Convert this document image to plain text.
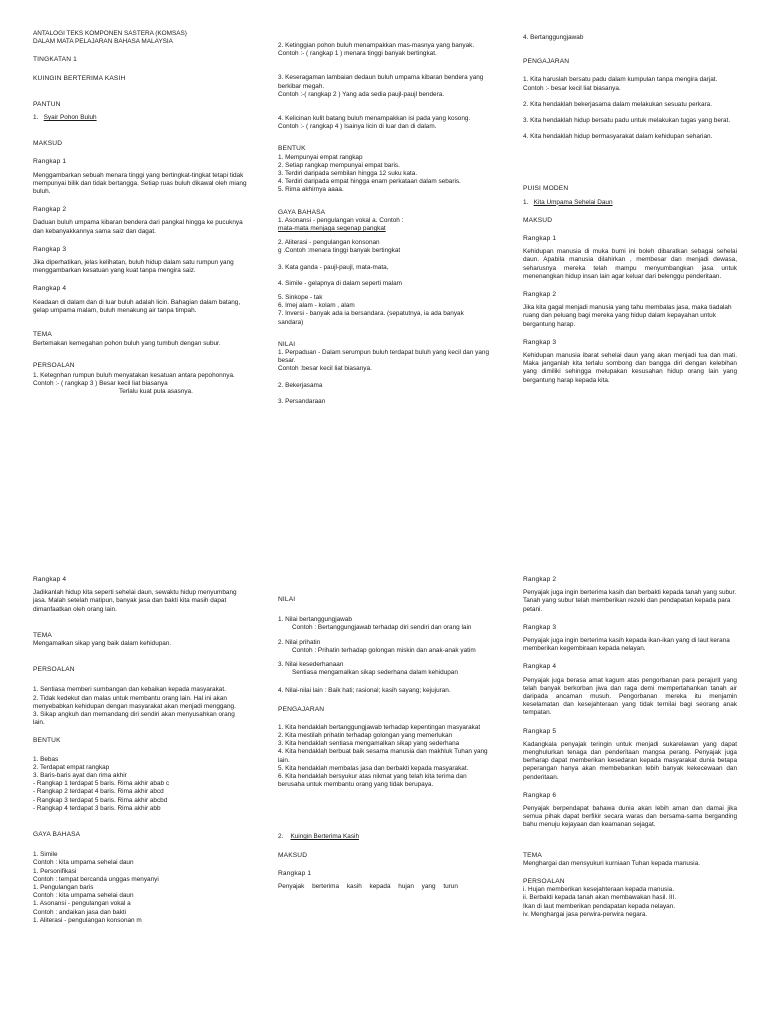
ANTALOGI TEKS KOMPONEN SASTERA (KOMSAS)
DALAM MATA PELAJARAN BAHASA MALAYSIA
TINGKATAN 1
KUINGIN BERTERIMA KASIH
PANTUN

1. Syair Pohon Buluh

MAKSUD
Rangkap 1

Menggambarkan sebuah menara tinggi yang bertingkat-tingkat tetapi tidak mempunyai bilik dan tidak bertangga. Setiap ruas buluh dikawal oleh miang buluh.

Rangkap 2

Daduan buluh umpama kibaran bendera dari pangkal hingga ke pucuknya dan kebanyakkannya sama saiz dan dagat.

Rangkap 3

Jika diperhatikan, jelas kelihatan, buluh hidup dalam satu rumpun yang menggambarkan kesatuan yang kuat tanpa mengira saiz.

Rangkap 4

Keadaan di dalam dan di luar buluh adalah licin. Bahagian dalam batang, gelap umpama malam, buluh menakung air tanpa timpah.

TEMA

Bertemakan kemegahan pohon buluh yang tumbuh dengan subur.

PERSOALAN
1. Ketegnhan rumpun buluh menyatakan kesatuan antara pepohonnya.
Contoh :- ( rangkap 3 ) Besar kecil liat biasanya
Terlalu kuat pula asasnya.
2. Ketinggian pohon buluh menampakkan mas-masnya yang banyak.

Contoh :- ( rangkap 1 ) menara tinggi banyak bertingkat.

3. Keseragaman lambaian dedaun buluh umpama kibaran bendera yang berkibar megah.

Contoh :-( rangkap 2 ) Yang ada sedia paujl-paujl bendera.

4. Kelicinan kulit batang buluh menampakkan isi pada yang kosong.

Contoh :- ( rangkap 4 ) Isainya licin di luar dan di dalam.

BENTUK
1. Mempunyai empat rangkap
2. Setiap rangkap mempunyai empat baris.
3. Terdiri daripada sembilan hingga 12 suku kata.
4. Terdiri daripada empat hingga enam perkataan dalam sebaris.
5. Rima akhirnya aaaa.
GAYA BAHASA
1. Asonansi - pengulangan vokal a. Contoh :

mata-mata menjaga segenap pangkat

2. Aliterasi - pengulangan konsonan

g .Contoh :menara tinggi banyak bertingkat

3. Kata ganda - paujl-paujl, mata-mata,

4. Simile - gelapnya di dalam seperti malam

5. Sinkope - tak
6. Imej alam - kolam , alam
7. Inversi - banyak ada ia bersandara. (sepatutnya, ia ada banyak sandara)
NILAI
1. Perpaduan - Dalam serumpun buluh terdapat buluh yang kecil dan yang besar.

Contoh :besar kecil liat biasanya.

2. Bekerjasama

3. Persandaraan

4. Bertanggungjawab
PENGAJARAN
1. Kita haruslah bersatu padu dalam kumpulan tanpa mengira darjat.

Contoh :- besar kecil liat biasanya.

2. Kita hendaklah bekerjasama dalam melakukan sesuatu perkara.

3. Kita hendaklah hidup bersatu padu untuk melakukan tugas yang berat.

4. Kita hendaklah hidup bermasyarakat dalam kehidupan seharian.

PUISI MODEN

1. Kita Umpama Sehelai Daun

MAKSUD
Rangkap 1

Kehidupan manusia di muka bumi ini boleh dibaratkan sebagai sehelai daun. Apabila manusia dilahirkan , membesar dan menjadi dewasa, seharusnya mereka telah mampu menyumbangkan jasa untuk menenangkan hidup insan lain agar keluar dari belenggu penderitaan.

Rangkap 2

Jika kita gagal menjadi manusia yang tahu membalas jasa, maka tiadalah ruang dan peluang bagi mereka yang hidup dalam kepayahan untuk bergantung harap.

Rangkap 3

Kehidupan manusia ibarat sehelai daun yang akan menjadi tua dan mati. Maka janganlah kita terlalu sombong dan bangga diri dengan kelebihan yang dimiliki sehingga melupakan kesusahan hidup orang lain yang bergantung harap kepada kita.

Rangkap 4

Jadikanlah hidup kita seperti sehelai daun, sewaktu hidup menyumbang jasa. Malah setelah matipun, banyak jasa dan bakti kita masih dapat dimanfaatkan oleh orang lain.

TEMA

Mengamalkan sikap yang baik dalam kehidupan.

PERSOALAN
1. Sentiasa memberi sumbangan dan kebaikan kepada masyarakat.
2. Tidak kedekut dan malas untuk membantu orang lain. Hal ini akan menyebabkan kehidupan dengan masyarakat akan menjadi menggang.

3. Sikap angkuh dan memandang diri sendiri akan menyusahkan orang lain.

BENTUK
1. Bebas
2. Terdapat empat rangkap
3. Baris-baris ayat dan rima akhir
- Rangkap 1 terdapat 5 baris. Rima akhir abab c
- Rangkap 2 terdapat 4 baris. Rima akhir abcd
- Rangkap 3 terdapat 5 baris. Rima akhir abcbd
- Rangkap 4 terdapat 3 baris. Rima akhir abb
GAYA BAHASA
1. Simile
Contoh : kita umpama sehelai daun
1. Personifikasi
Contoh : tempat bercanda unggas menyanyi
1. Pengulangan baris
Contoh : kita umpama sehelai daun
1. Asonansi - pengulangan vokal a
Contoh : andaikan jasa dan bakti
1. Aliterasi - pengulangan konsonan m
NILAI
1. Nilai bertanggungjawab

Contoh : Bertanggungjawab terhadap diri sendiri dan orang lain

2. Nilai prihatin

Contoh : Prihatin terhadap golongan miskin dan anak-anak yatim

3. Nilai kesederhanaan

Sentiasa mengamalkan sikap sederhana dalam kehidupan

4. Nilai-nilai lain : Baik hati; rasional; kasih sayang; kejujuran.

PENGAJARAN
1. Kita hendaklah bertanggungjawab terhadap kepentingan masyarakat
2. Kita mestilah prihatin terhadap golongan yang memerlukan
3. Kita hendaklah sentiasa mengamalkan sikap yang sederhana
4. Kita hendaklah berbuat baik sesama manusia dan makhluk Tuhan yang lain.
5. Kita hendaklah membalas jasa dan berbakti kepada masyarakat.
6. Kita hendaklah bersyukur atas nikmat yang telah kita terima dan berusaha untuk membantu orang yang tidak berupaya.

2. Kuingin Berterima Kasih

MAKSUD
Rangkap 1

Penyajak berterima kasih kepada hujan yang turun

Rangkap 2

Penyajak juga ingin berterima kasih dan berbakti kepada tanah yang subur. Tanah yang subur telah memberikan rezeki dan pendapatan kepada para petani.

Rangkap 3

Penyajak juga ingin berterima kasih kepada ikan-ikan yang di laut kerana memberikan kegembiraan kepada nelayan.

Rangkap 4

Penyajak juga berasa amat kagum atas pengorbanan para perajurit yang telah banyak berkorban jiwa dan raga demi mempertahankan tanah air daripada ancaman musuh. Pengorbanan mereka itu menjamin keselamatan dan kesejahteraan yang tidak ternilai bagi seorang anak tempatan.

Rangkap 5

Kadangkala penyajak teringin untuk menjadi sukarelawan yang dapat menghulurkan tenaga dan penderitaan mangsa perang. Penyajak juga berharap dapat memberikan kesedaran kepada masyarakat dunia betapa peperangan hanya akan membebankan lebih banyak kekecewaan dan penderitaan.

Rangkap 6

Penyajak berpendapat bahawa dunia akan lebih aman dan damai jika semua pihak dapat berfikir secara waras dan bersama-sama berganding bahu menuju kejayaan dan keamanan sejagat.

TEMA

Menghargai dan mensyukuri kurniaan Tuhan kepada manusia.

PERSOALAN
i. Hujan memberikan kesejahteraan kepada manusia.
ii. Berbakti kepada tanah akan membawakan hasil. III.
Ikan di laut memberikan pendapatan kepada nelayan.
iv. Menghargai jasa perwira-perwira negara.
